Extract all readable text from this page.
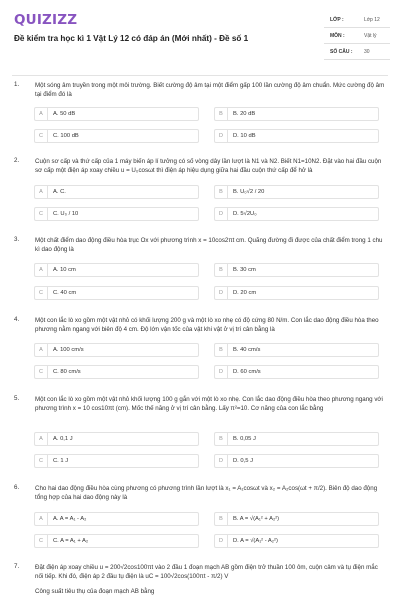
QUIZIZZ
Đề kiểm tra học kì 1 Vật Lý 12 có đáp án (Mới nhất) - Đề số 1
LỚP :	Lớp 12
MÔN :	Vật lý
SỐ CÂU : 30
1.	Một sóng âm truyền trong một môi trường. Biết cường độ âm tại một điểm gấp 100 lần cường độ âm chuẩn. Mức cường độ âm tại điểm đó là
A	A. 50 dB	B	B. 20 dB
C	C. 100 dB	D	D. 10 dB
2.	Cuộn sơ cấp và thứ cấp của 1 máy biến áp lí tưởng có số vòng dây lần lượt là N1 và N2. Biết N1=10N2. Đặt vào hai đầu cuộn sơ cấp một điện áp xoay chiều u = U₀cosωt thì điện áp hiệu dụng giữa hai đầu cuộn thứ cấp để hở là
A	A. C.	B	B. U₀√2 / 20
C	C. U₀ / 10	D	D. 5√2U₀
3.	Một chất điểm dao động điều hòa trục Ox với phương trình x = 10cos2πt cm. Quãng đường đi được của chất điểm trong 1 chu kì dao động là
A	A. 10 cm	B	B. 30 cm
C	C. 40 cm	D	D. 20 cm
4.	Một con lắc lò xo gồm một vật nhỏ có khối lượng 200 g và một lò xo nhẹ có độ cứng 80 N/m. Con lắc dao động điều hòa theo phương nằm ngang với biên độ 4 cm. Độ lớn vận tốc của vật khi vật ở vị trí cân bằng là
A	A. 100 cm/s	B	B. 40 cm/s
C	C. 80 cm/s	D	D. 60 cm/s
5.	Một con lắc lò xo gồm một vật nhỏ khối lượng 100 g gắn với một lò xo nhẹ. Con lắc dao động điều hòa theo phương ngang với phương trình x = 10 cos10πt (cm). Mốc thế năng ở vị trí cân bằng. Lấy π²=10. Cơ năng của con lắc bằng
A	A. 0,1 J	B	B. 0,05 J
C	C. 1 J	D	D. 0,5 J
6.	Cho hai dao động điều hòa cùng phương có phương trình lần lượt là x₁ = A₁cosωt và x₂ = A₂cos(ωt + π/2). Biên độ dao động tổng hợp của hai dao động này là
A	A. A = A₁ - A₂	B	B. A = √(A₁² + A₂²)
C	C. A = A₁ + A₂	D	D. A = √(A₁² - A₂²)
7.	Đặt điện áp xoay chiều u = 200√2cos100πt vào 2 đầu 1 đoạn mạch AB gồm điện trở thuần 100 ôm, cuộn cảm và tụ điện mắc nối tiếp. Khi đó, điện áp 2 đầu tụ điện là uC = 100√2cos(100πt - π/2) V
Công suất tiêu thụ của đoạn mạch AB bằng
